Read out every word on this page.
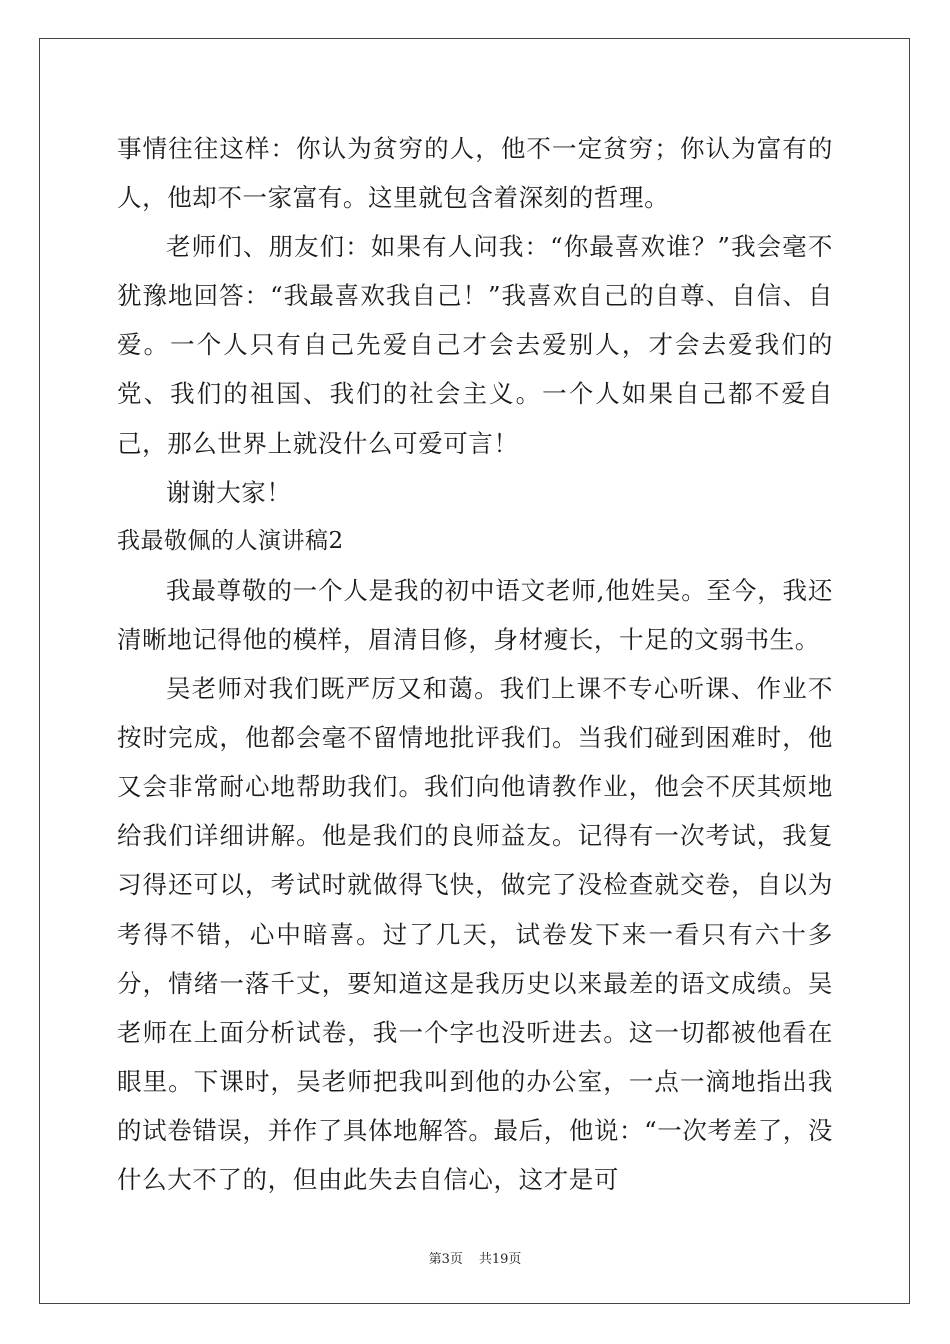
事情往往这样：你认为贫穷的人，他不一定贫穷；你认为富有的人，他却不一家富有。这里就包含着深刻的哲理。

老师们、朋友们：如果有人问我：“你最喜欢谁？”我会毫不犹豫地回答：“我最喜欢我自己！”我喜欢自己的自尊、自信、自爱。一个人只有自己先爱自己才会去爱别人，才会去爱我们的党、我们的祖国、我们的社会主义。一个人如果自己都不爱自己，那么世界上就没什么可爱可言！

谢谢大家！

我最敬佩的人演讲稿2

我最尊敬的一个人是我的初中语文老师,他姓吴。至今，我还清晰地记得他的模样，眉清目修，身材瘦长，十足的文弱书生。

吴老师对我们既严厉又和蔼。我们上课不专心听课、作业不按时完成，他都会毫不留情地批评我们。当我们碰到困难时，他又会非常耐心地帮助我们。我们向他请教作业，他会不厌其烦地给我们详细讲解。他是我们的良师益友。记得有一次考试，我复习得还可以，考试时就做得飞快，做完了没检查就交卷，自以为考得不错，心中暗喜。过了几天，试卷发下来一看只有六十多分，情绪一落千丈，要知道这是我历史以来最差的语文成绩。吴老师在上面分析试卷，我一个字也没听进去。这一切都被他看在眼里。下课时，吴老师把我叫到他的办公室，一点一滴地指出我的试卷错误，并作了具体地解答。最后，他说：“一次考差了，没什么大不了的，但由此失去自信心，这才是可

第3页 共19页
